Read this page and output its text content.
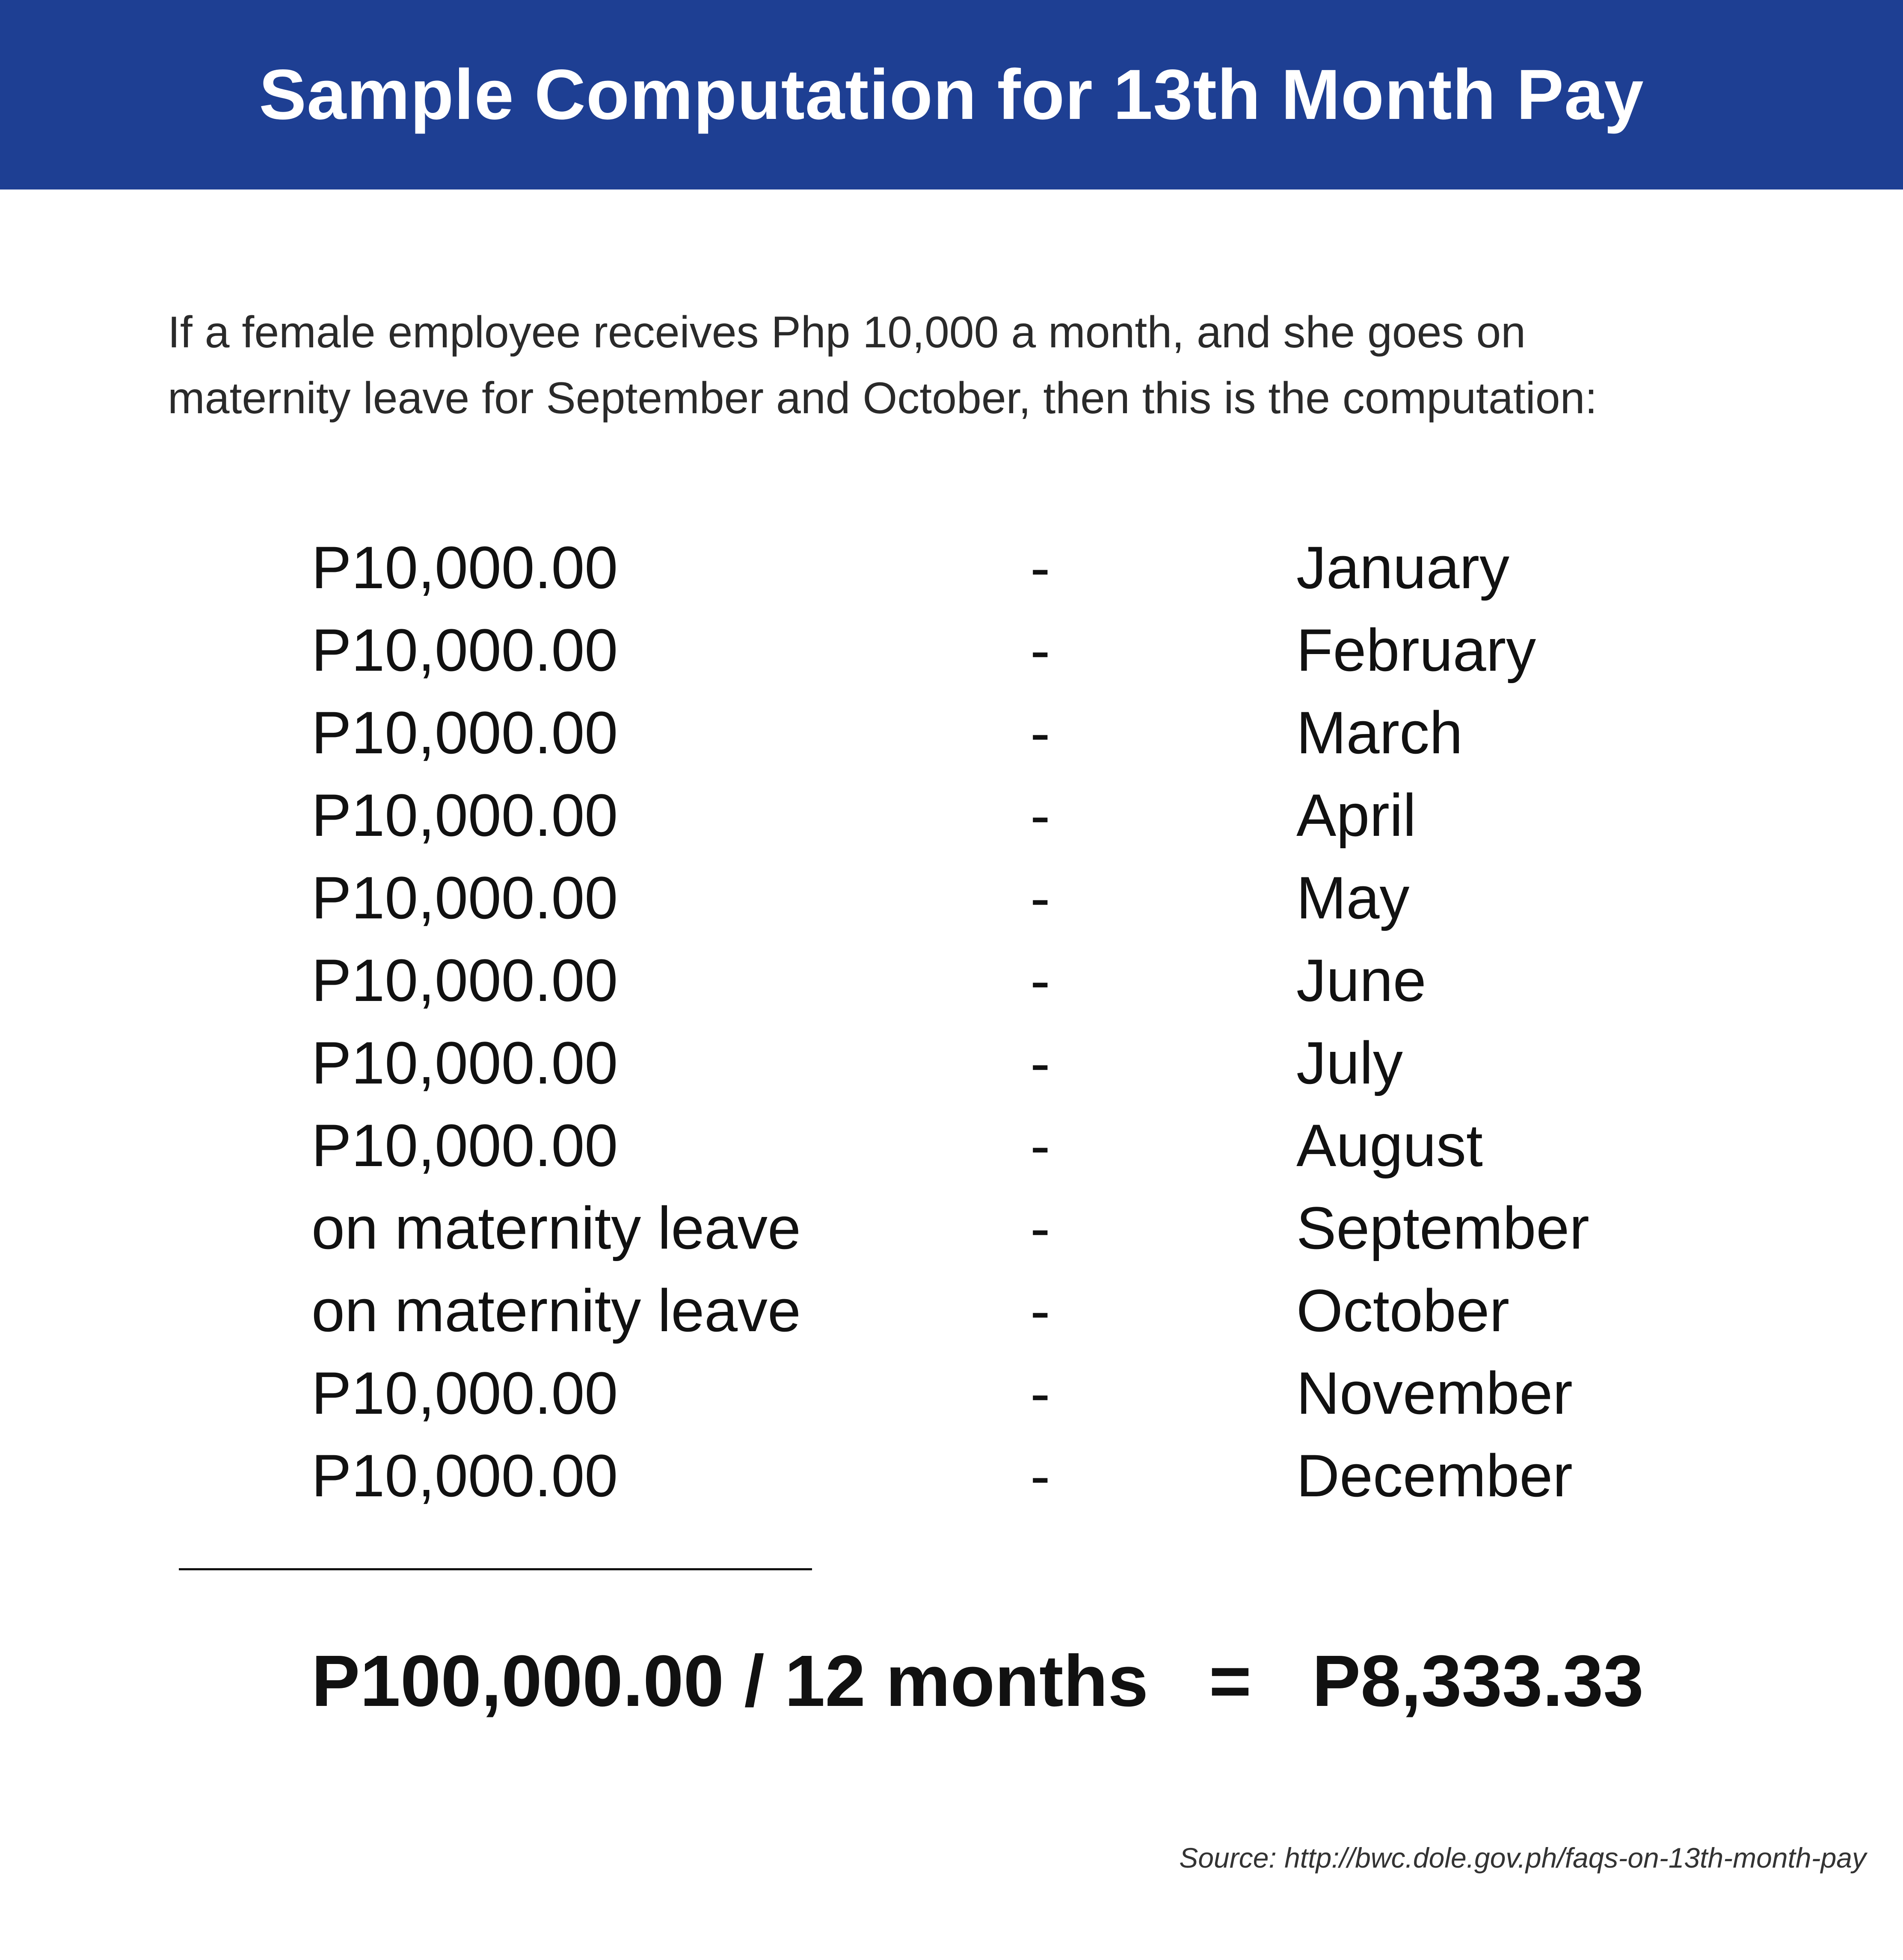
Sample Computation for 13th Month Pay

If a female employee receives Php 10,000 a month, and she goes on

maternity leave for September and October, then this is the computation:

P10,000.00	-	January
P10,000.00	-	February
P10,000.00	-	March
P10,000.00	-	April
P10,000.00	-	May
P10,000.00	-	June
P10,000.00	-	July
P10,000.00	-	August
on maternity leave	-	September
on maternity leave	-	October
P10,000.00	-	November
P10,000.00	-	December
P100,000.00 / 12 months = P8,333.33
Source: http://bwc.dole.gov.ph/faqs-on-13th-month-pay
